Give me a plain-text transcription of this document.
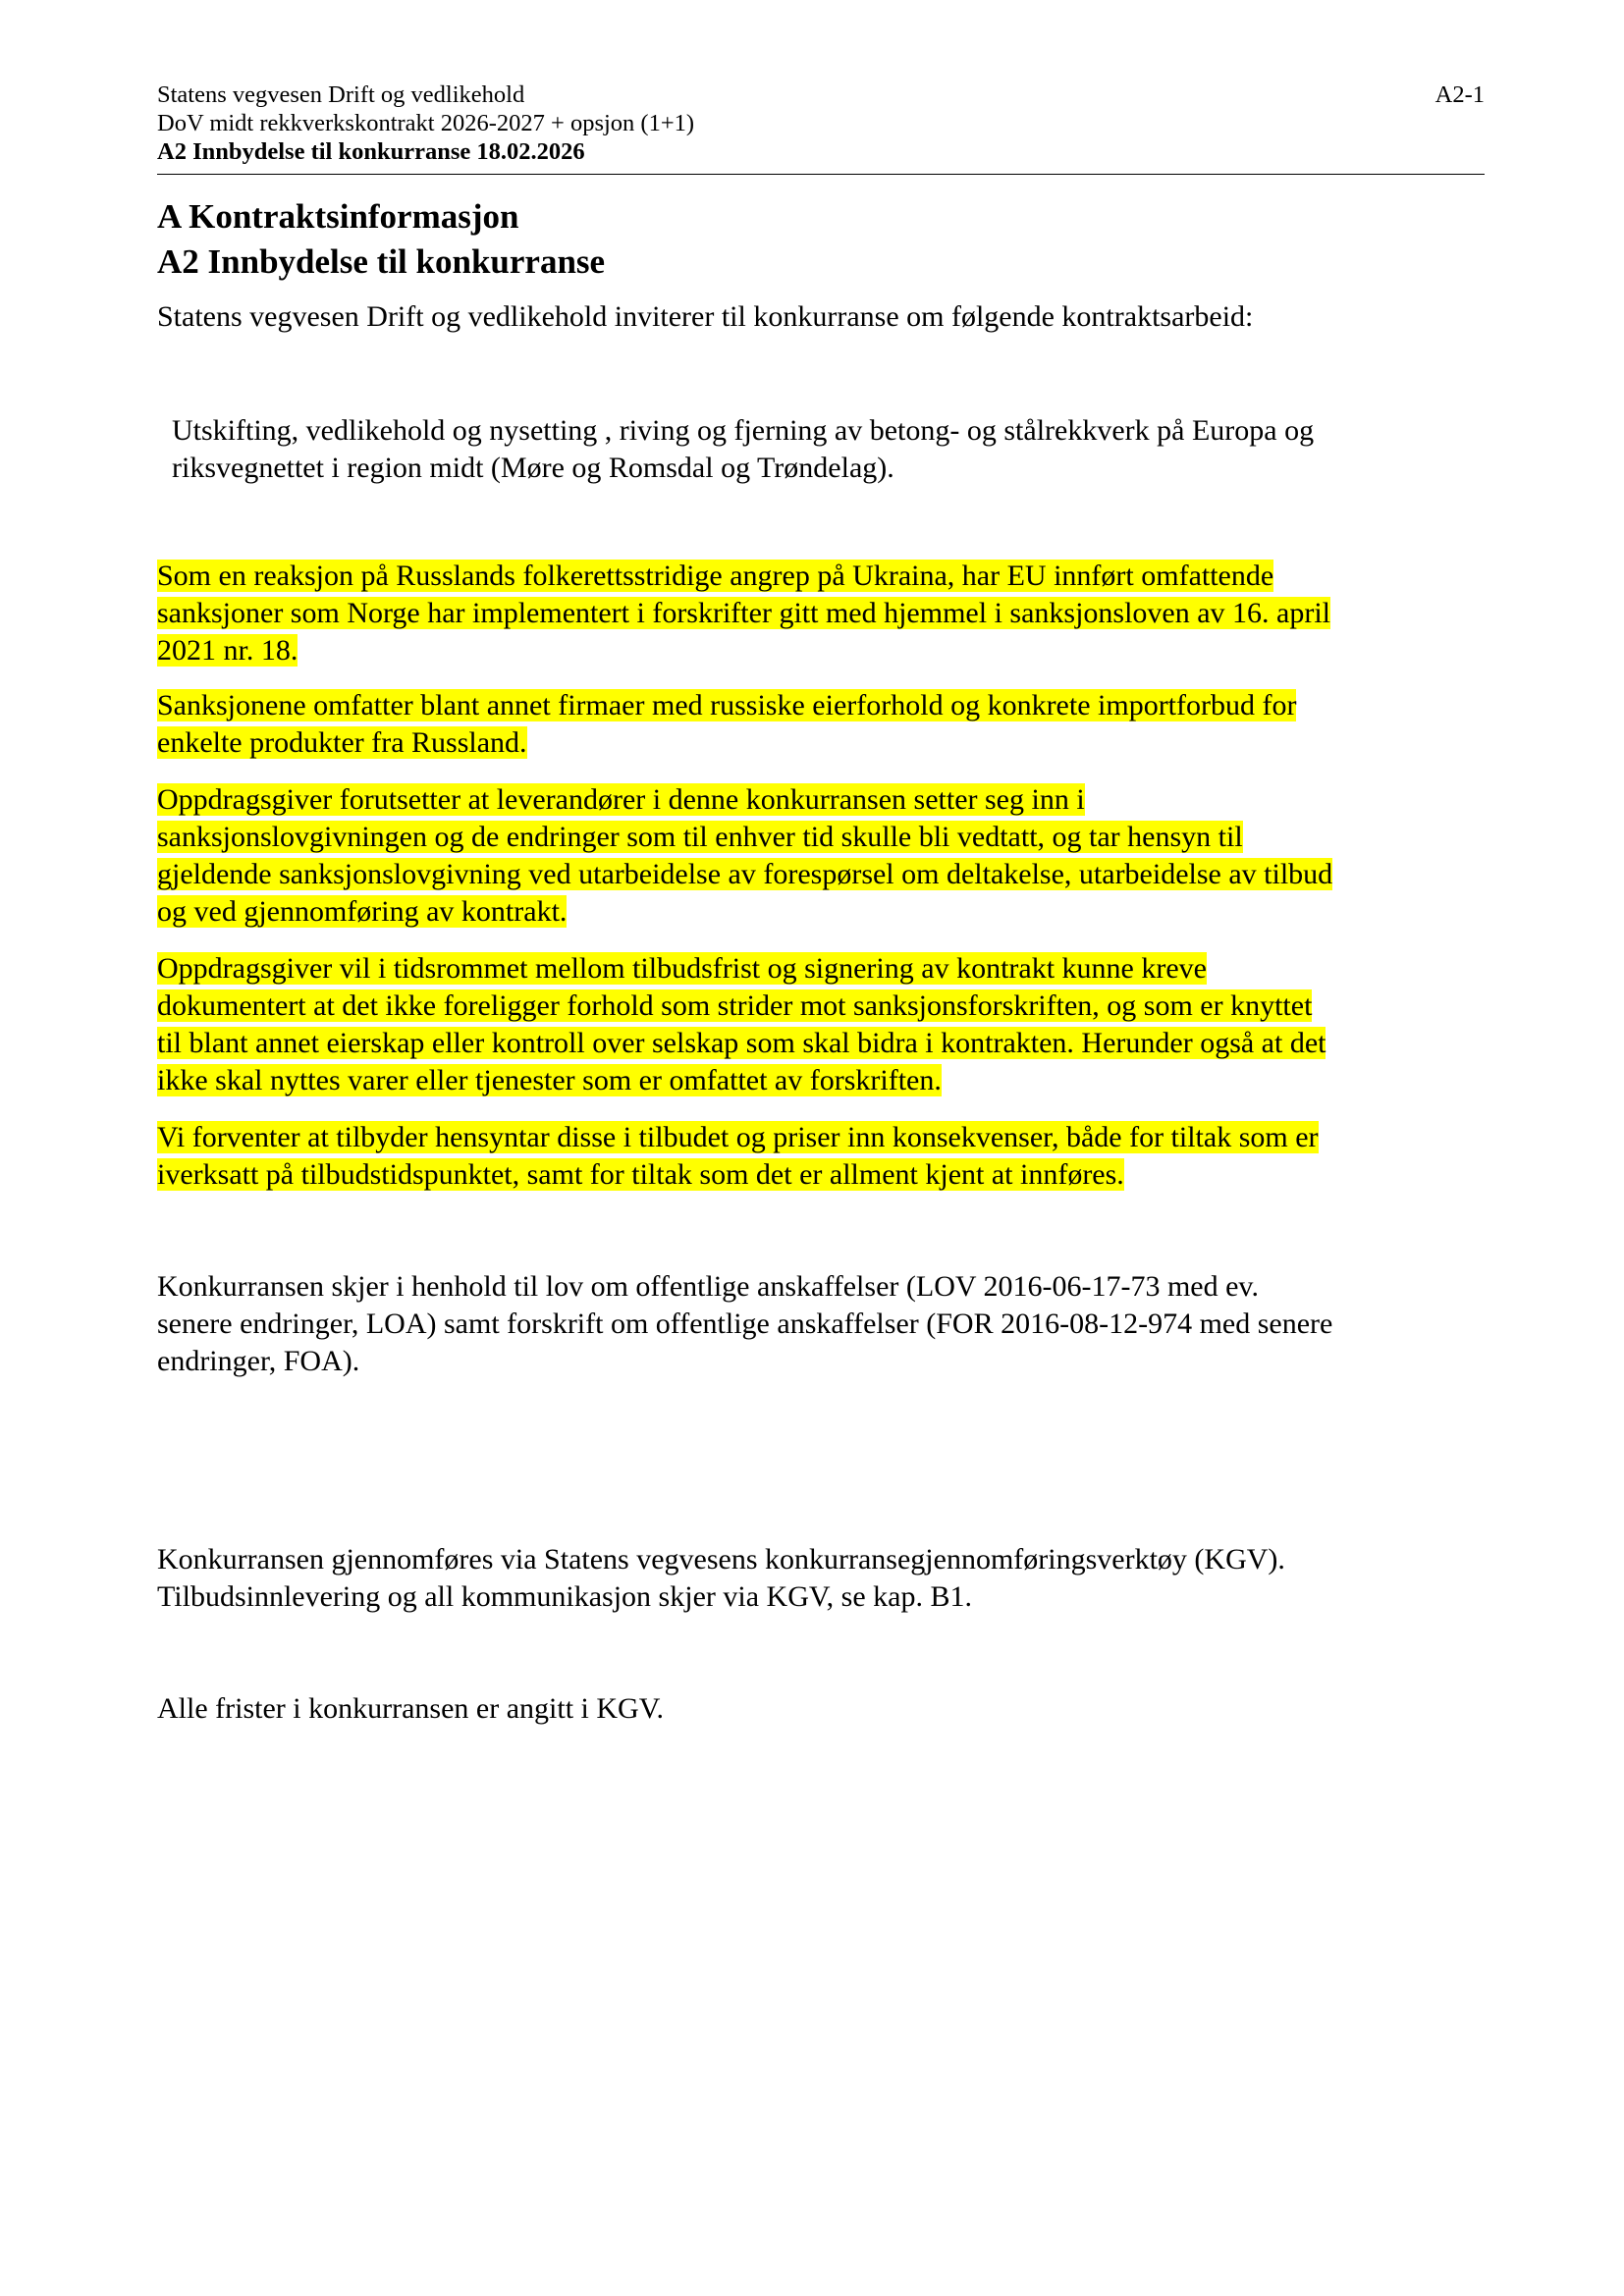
Statens vegvesen Drift og vedlikehold
DoV midt rekkverkskontrakt 2026-2027 + opsjon (1+1)
A2 Innbydelse til konkurranse 18.02.2026
A2-1
A Kontraktsinformasjon
A2 Innbydelse til konkurranse
Statens vegvesen Drift og vedlikehold inviterer til konkurranse om følgende kontraktsarbeid:
Utskifting, vedlikehold og nysetting , riving og fjerning av betong- og stålrekkverk på Europa og
riksvegnettet i region midt (Møre og Romsdal og Trøndelag).
Som en reaksjon på Russlands folkerettsstridige angrep på Ukraina, har EU innført omfattende
sanksjoner som Norge har implementert i forskrifter gitt med hjemmel i sanksjonsloven av 16. april
2021 nr. 18.
Sanksjonene omfatter blant annet firmaer med russiske eierforhold og konkrete importforbud for
enkelte produkter fra Russland.
Oppdragsgiver forutsetter at leverandører i denne konkurransen setter seg inn i
sanksjonslovgivningen og de endringer som til enhver tid skulle bli vedtatt, og tar hensyn til
gjeldende sanksjonslovgivning ved utarbeidelse av forespørsel om deltakelse, utarbeidelse av tilbud
og ved gjennomføring av kontrakt.
Oppdragsgiver vil i tidsrommet mellom tilbudsfrist og signering av kontrakt kunne kreve
dokumentert at det ikke foreligger forhold som strider mot sanksjonsforskriften, og som er knyttet
til blant annet eierskap eller kontroll over selskap som skal bidra i kontrakten. Herunder også at det
ikke skal nyttes varer eller tjenester som er omfattet av forskriften.
Vi forventer at tilbyder hensyntar disse i tilbudet og priser inn konsekvenser, både for tiltak som er
iverksatt på tilbudstidspunktet, samt for tiltak som det er allment kjent at innføres.
Konkurransen skjer i henhold til lov om offentlige anskaffelser (LOV 2016-06-17-73 med ev.
senere endringer, LOA) samt forskrift om offentlige anskaffelser (FOR 2016-08-12-974 med senere
endringer, FOA).
Konkurransen gjennomføres via Statens vegvesens konkurransegjennomføringsverktøy (KGV).
Tilbudsinnlevering og all kommunikasjon skjer via KGV, se kap. B1.
Alle frister i konkurransen er angitt i KGV.
